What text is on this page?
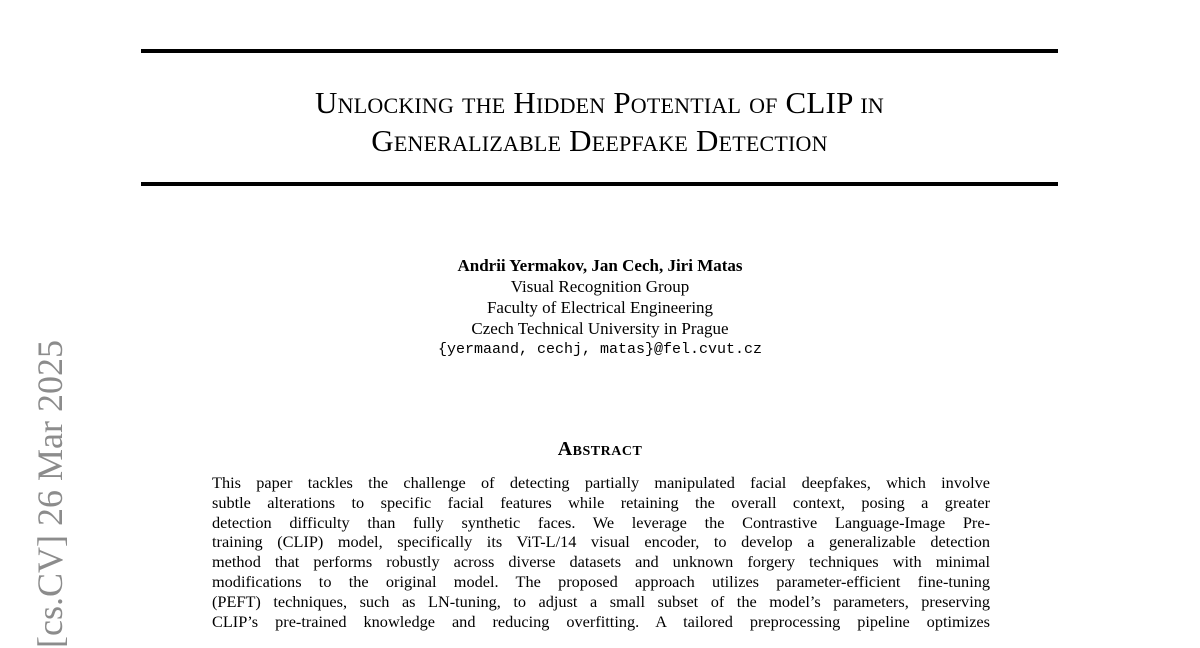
Unlocking the Hidden Potential of CLIP in
Generalizable Deepfake Detection
Andrii Yermakov, Jan Cech, Jiri Matas
Visual Recognition Group
Faculty of Electrical Engineering
Czech Technical University in Prague
{yermaand, cechj, matas}@fel.cvut.cz
Abstract
This paper tackles the challenge of detecting partially manipulated facial deepfakes, which involve
subtle alterations to specific facial features while retaining the overall context, posing a greater
detection difficulty than fully synthetic faces. We leverage the Contrastive Language-Image Pre-
training (CLIP) model, specifically its ViT-L/14 visual encoder, to develop a generalizable detection
method that performs robustly across diverse datasets and unknown forgery techniques with minimal
modifications to the original model. The proposed approach utilizes parameter-efficient fine-tuning
(PEFT) techniques, such as LN-tuning, to adjust a small subset of the model’s parameters, preserving
CLIP’s pre-trained knowledge and reducing overfitting. A tailored preprocessing pipeline optimizes
[cs.CV] 26 Mar 2025
